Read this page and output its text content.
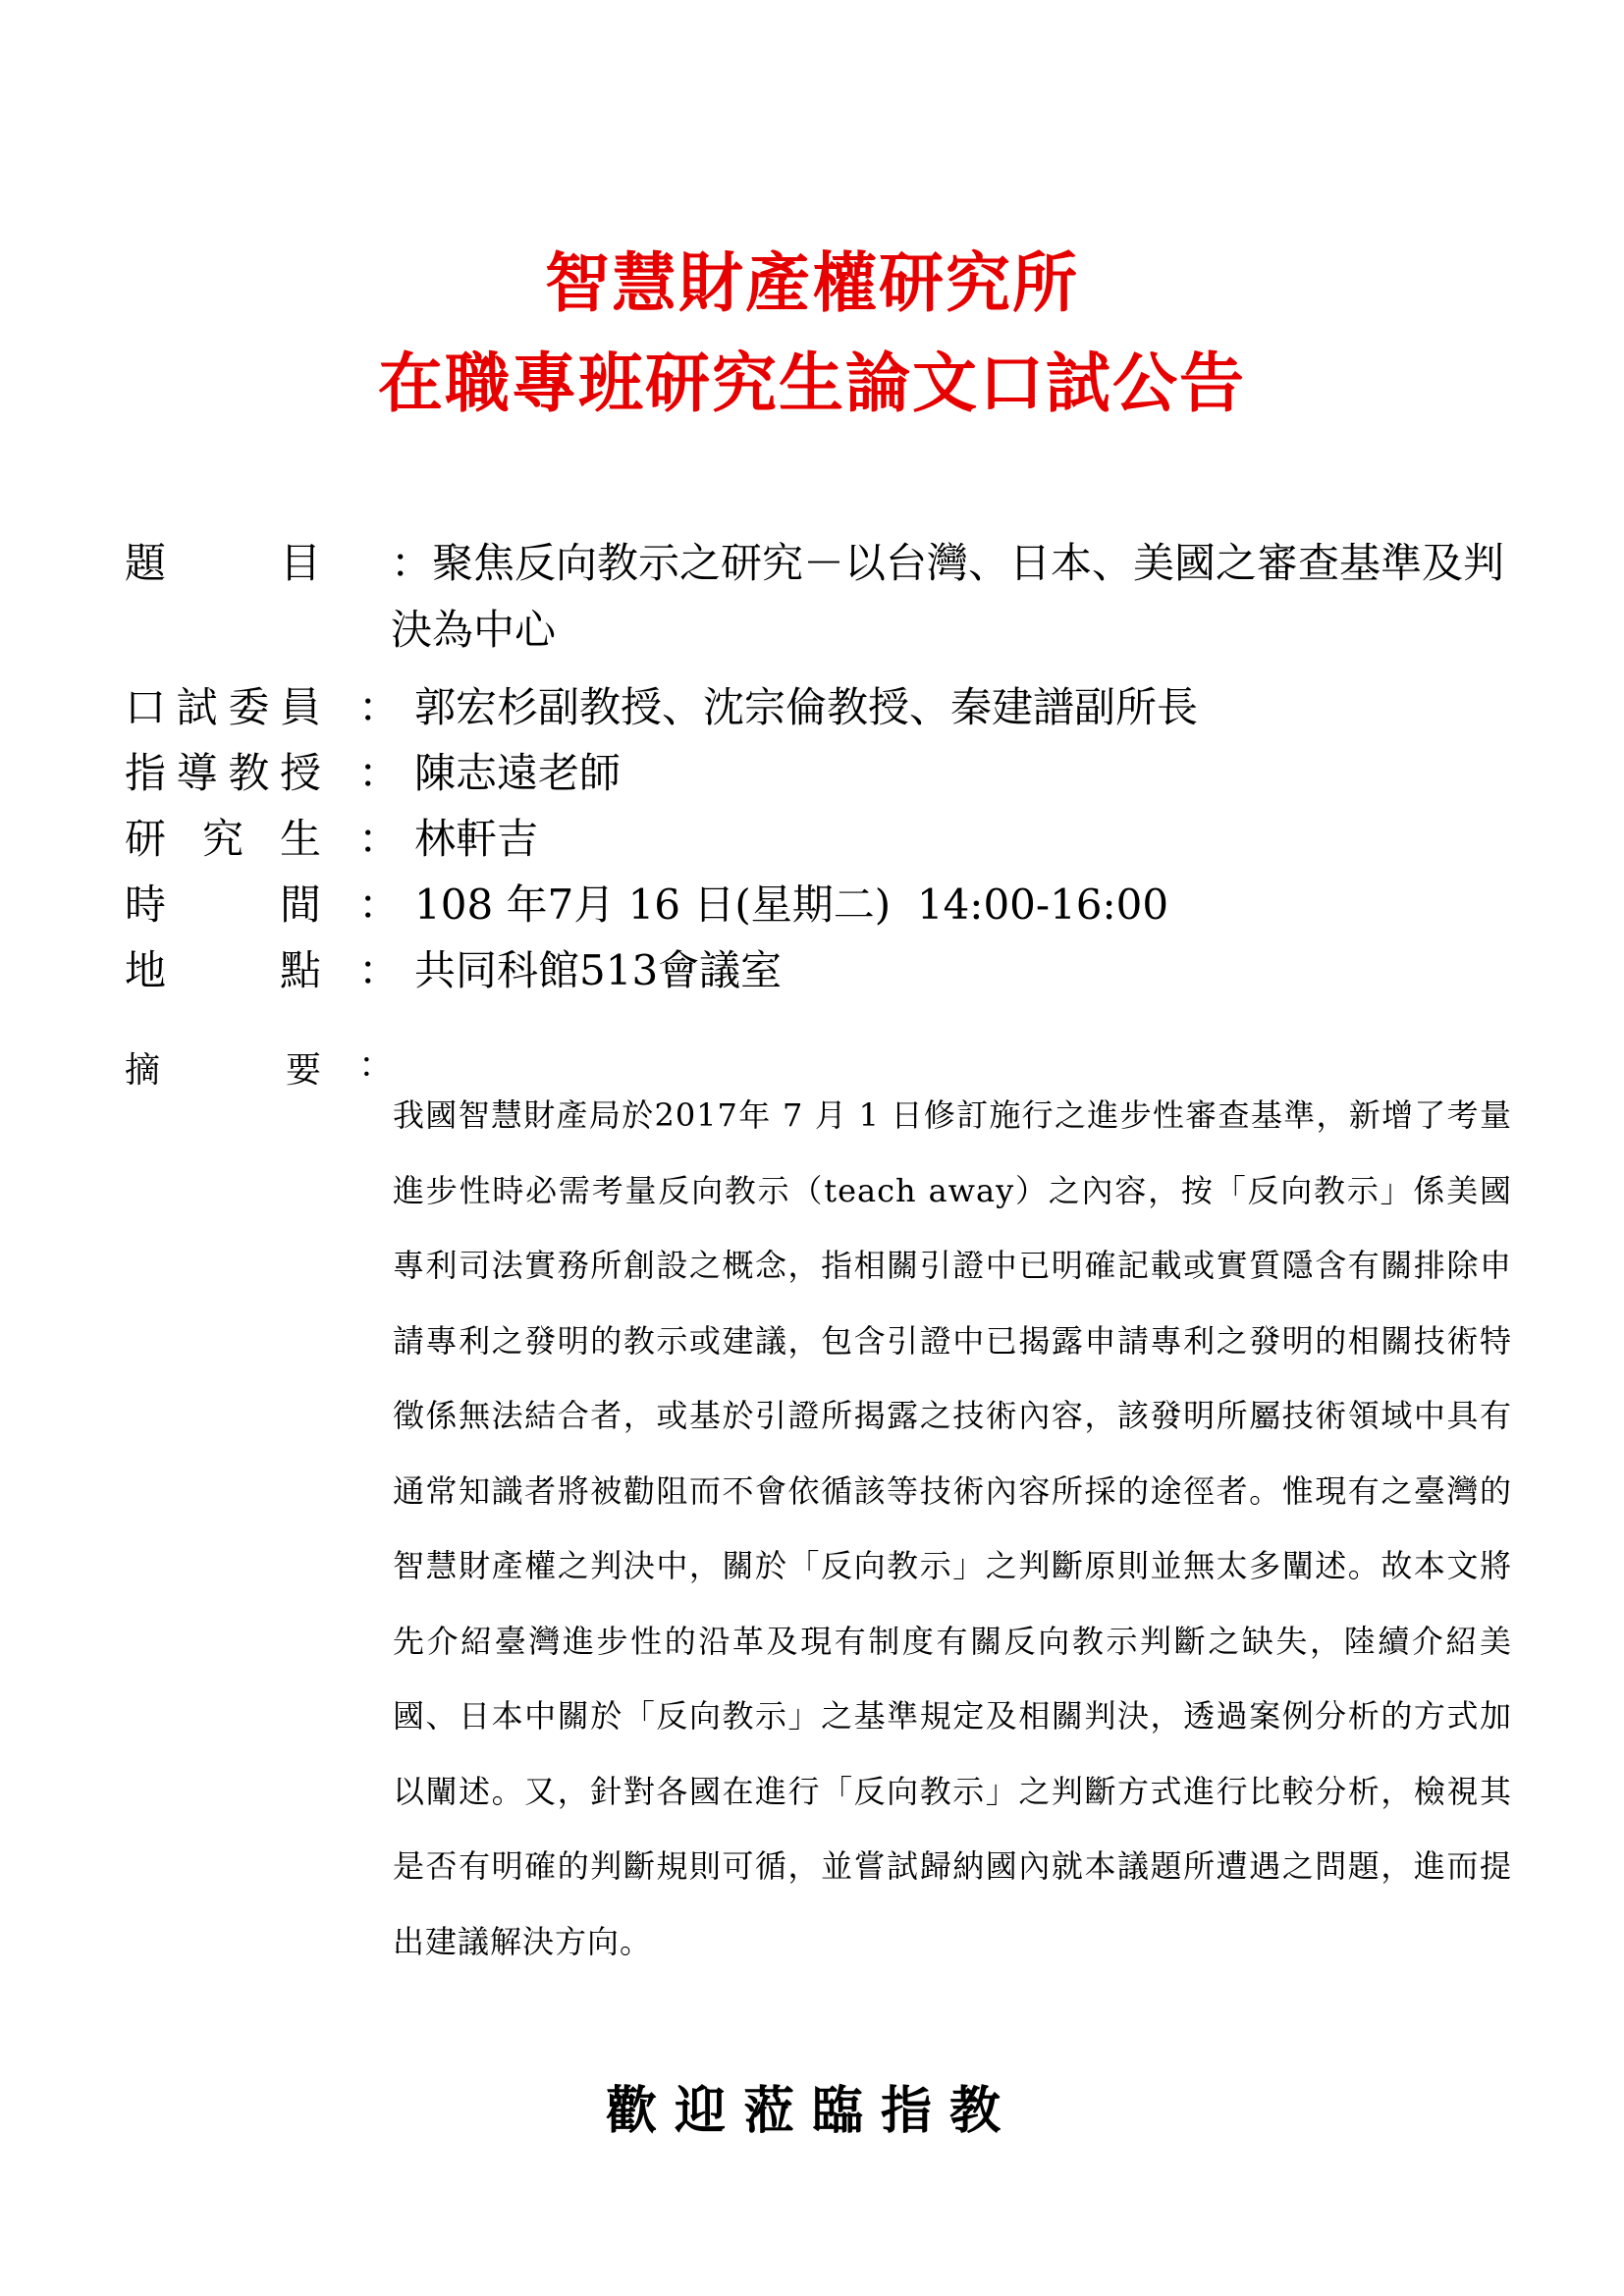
智慧財產權研究所
在職專班研究生論文口試公告
題	目 ：聚焦反向教示之研究－以台灣、日本、美國之審查基準及判決為中心
口 試 委 員 ： 郭宏杉副教授、沈宗倫教授、秦建譜副所長
指 導 教 授 ： 陳志遠老師
研 究 生 ： 林軒吉
時	間 ： 108 年7月 16 日(星期二)  14:00-16:00
地	點 ： 共同科館513會議室
摘	要 ：
我國智慧財產局於2017年 7 月 1 日修訂施行之進步性審查基準，新增了考量進步性時必需考量反向教示（teach away）之內容，按「反向教示」係美國專利司法實務所創設之概念，指相關引證中已明確記載或實質隱含有關排除申請專利之發明的教示或建議，包含引證中已揭露申請專利之發明的相關技術特徵係無法結合者，或基於引證所揭露之技術內容，該發明所屬技術領域中具有通常知識者將被勸阻而不會依循該等技術內容所採的途徑者。惟現有之臺灣的智慧財產權之判決中，關於「反向教示」之判斷原則並無太多闡述。故本文將先介紹臺灣進步性的沿革及現有制度有關反向教示判斷之缺失，陸續介紹美國、日本中關於「反向教示」之基準規定及相關判決，透過案例分析的方式加以闡述。又，針對各國在進行「反向教示」之判斷方式進行比較分析，檢視其是否有明確的判斷規則可循，並嘗試歸納國內就本議題所遭遇之問題，進而提出建議解決方向。
歡迎蒞臨指教
